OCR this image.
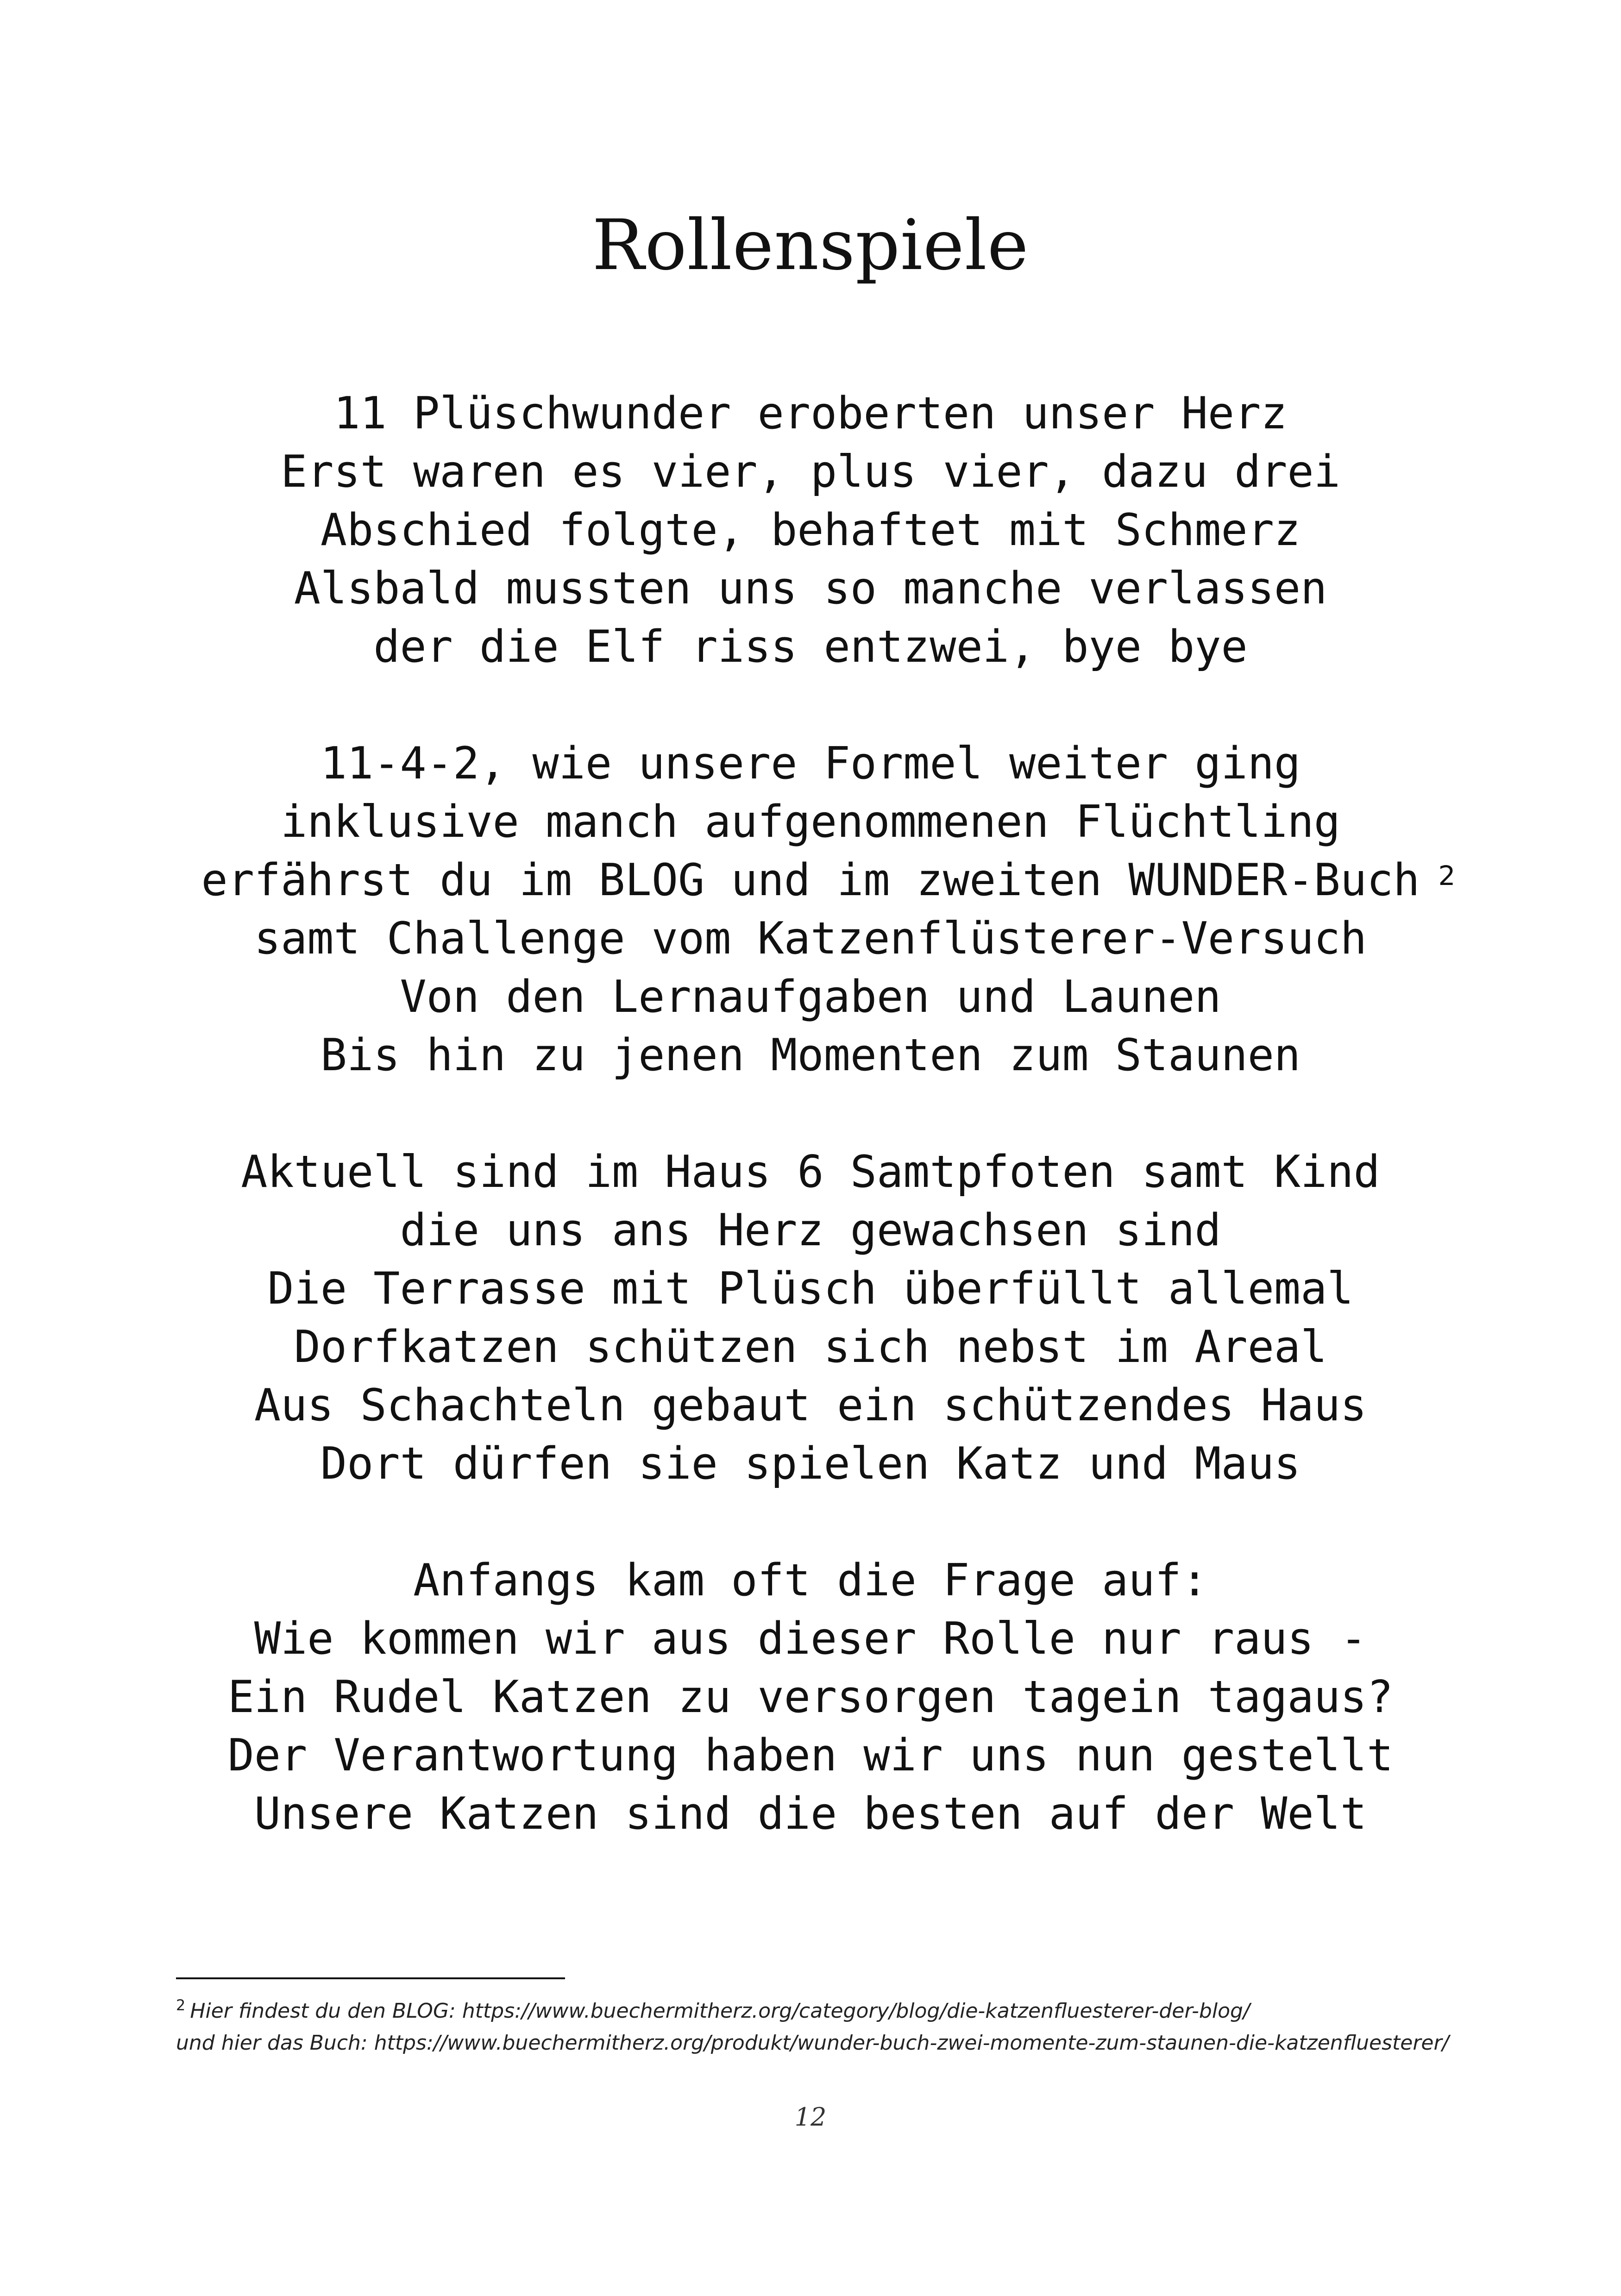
Rollenspiele
11 Plüschwunder eroberten unser Herz
Erst waren es vier, plus vier, dazu drei
Abschied folgte, behaftet mit Schmerz
Alsbald mussten uns so manche verlassen
der die Elf riss entzwei, bye bye
11-4-2, wie unsere Formel weiter ging
inklusive manch aufgenommenen Flüchtling
erfährst du im BLOG und im zweiten WUNDER-Buch 2
samt Challenge vom Katzenflüsterer-Versuch
Von den Lernaufgaben und Launen
Bis hin zu jenen Momenten zum Staunen
Aktuell sind im Haus 6 Samtpfoten samt Kind
die uns ans Herz gewachsen sind
Die Terrasse mit Plüsch überfüllt allemal
Dorfkatzen schützen sich nebst im Areal
Aus Schachteln gebaut ein schützendes Haus
Dort dürfen sie spielen Katz und Maus
Anfangs kam oft die Frage auf:
Wie kommen wir aus dieser Rolle nur raus -
Ein Rudel Katzen zu versorgen tagein tagaus?
Der Verantwortung haben wir uns nun gestellt
Unsere Katzen sind die besten auf der Welt
$^2$ Hier findest du den BLOG: https://www.buechermitherz.org/category/blog/die-katzenfluesterer-der-blog/
und hier das Buch: https://www.buechermitherz.org/produkt/wunder-buch-zwei-momente-zum-staunen-die-katzenfluesterer/
12
